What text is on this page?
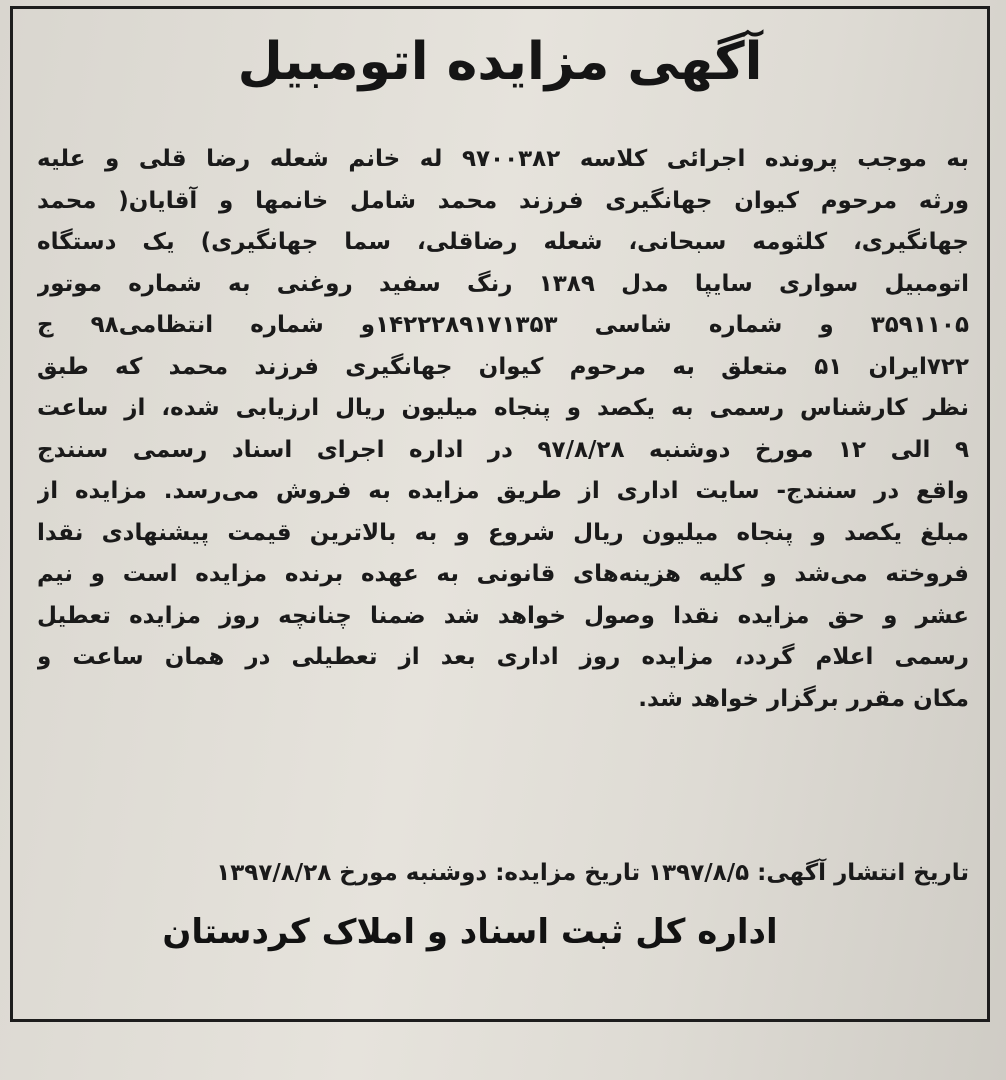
آگهی مزایده اتومبیل
به موجب پرونده اجرائی کلاسه ۹۷۰۰۳۸۲ له خانم شعله رضا قلی و علیه
ورثه مرحوم کیوان جهانگیری فرزند محمد شامل خانمها و آقایان( محمد
جهانگیری، کلثومه سبحانی، شعله رضاقلی، سما جهانگیری) یک دستگاه
اتومبیل سواری سایپا مدل ۱۳۸۹ رنگ سفید روغنی به شماره موتور
۳۵۹۱۱۰۵ و شماره شاسی ۱۴۲۲۲۸۹۱۷۱۳۵۳و شماره انتظامی۹۸ ج
۷۲۲ایران ۵۱ متعلق به مرحوم کیوان جهانگیری فرزند محمد که طبق
نظر کارشناس رسمی به یکصد و پنجاه میلیون ریال ارزیابی شده، از ساعت
۹ الی ۱۲ مورخ دوشنبه ۹۷/۸/۲۸ در اداره اجرای اسناد رسمی سنندج
واقع در سنندج- سایت اداری از طریق مزایده به فروش می‌رسد. مزایده از
مبلغ یکصد و پنجاه میلیون ریال شروع و به بالاترین قیمت پیشنهادی نقدا
فروخته می‌شد و کلیه هزینه‌های قانونی به عهده برنده مزایده است و نیم
عشر و حق مزایده نقدا وصول خواهد شد ضمنا چنانچه روز مزایده تعطیل
رسمی اعلام گردد، مزایده روز اداری بعد از تعطیلی در همان ساعت و
مکان مقرر برگزار خواهد شد.
تاریخ انتشار آگهی: ۱۳۹۷/۸/۵ تاریخ مزایده: دوشنبه مورخ ۱۳۹۷/۸/۲۸
اداره کل ثبت اسناد و املاک کردستان
